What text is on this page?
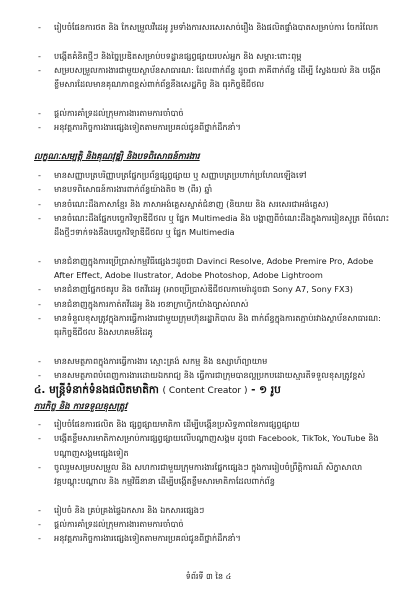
- រៀបចំផែនការថត និង កែសម្រួលវីដេអូ រូមទាំងការសរសេរសាច់រឿង និងផលិតផ្ទាំងបាតសម្រាប់ការ ចែករំលែក

- បង្កើតគំនិតថ្មីៗ និងច្នៃប្រឌិតសម្រាប់បទដ្ឋានផ្សព្វផ្សាយរបស់អ្នក និង សម្ភារ:ពោះពុម្ព

- សម្របសម្រួលការងារជាមួយស្ថាប័នសាធារណ: ដែលពាក់ព័ន្ធ ដូចជា ភាគីពាក់ព័ន្ធ ដើម្បី ស្វែងយល់ និង បង្កើតខ្លឹមសារដែលមានគុណភាពខ្ពស់ពាក់ព័ន្ធនឹងសេដ្ឋកិច្ច និង ធុរកិច្ចឌីជីថល

- ផ្តល់ការគាំទ្រដល់ក្រុមការងារតាមការចាំបាច់

- អនុវត្តភារកិច្ចការងារផ្សេងទៀតតាមការប្រគល់ជូនពីថ្នាក់ដឹកនាំ។

លក្ខណៈសម្បត្តិ និងគុណវុឌ្ឍិ និងបទពិសោធន៍ការងារ

- មានសញ្ញាបត្របរិញ្ញាបត្រផ្នែកប្រព័ន្ធផ្សព្វផ្សាយ ឬ សញ្ញាបត្រប្រហាក់ប្រហែលឡើងទៅ

- មានបទពិសោធន៍ការងារពាក់ព័ន្ធយ៉ាងតិច ២ (ពីរ) ឆ្នាំ

- មានចំណេះដឹងភាសាខ្មែរ និង ភាសាអង់គ្លេសស្ទាត់ជំនាញ (និយាយ និង សរសេរជាអង់គ្លេស)

- មានចំណេះដឹងផ្នែកបច្ចេកវិទ្យាឌីជីថល ឬ ផ្នែក Multimedia និង បង្ហាញពីចំណេះដឹងក្នុងការរៀនសូត្រ ពីចំណេះដឹងថ្មីៗទាក់ទងនឹងបច្ចេកវិទ្យាឌីជីថល ឬ ផ្នែក Multimedia

- មានជំនាញក្នុងការប្រើប្រាស់កម្មវិធីផ្សេងៗដូចជា Davinci Resolve, Adobe Premire Pro, Adobe After Effect, Adobe Ilustrator, Adobe Photoshop, Adobe Lightroom

- មានជំនាញផ្នែកថតរូប និង ថតវីដេអូ (អាចប្រើប្រាស់ឌីជីថលកាមេរ៉ាដូចជា Sony A7, Sony FX3)

- មានជំនាញក្នុងការកាត់តវីដេអូ និង រចនាក្រាហ្វិកយ៉ាងច្បាស់លាស់

- មានទំនួលខុសត្រូវក្នុងការធ្វើការងារជាមួយក្រុមហ៊ុនរដ្ឋាភិបាល និង ពាក់ព័ន្ធក្នុងការតភ្ជាប់រវាងស្ថាប័នសាធារណ: ធុរកិច្ចឌីជីថល និងសហគមន៍ដៃគូ

- មានសមត្ថភាពក្នុងការធ្វើការងារ ស្មោះត្រង់ សកម្ម និង ឧស្សាហ៍ព្យាយាម

- មានសមត្ថភាពបំពេញការងារដោយឯករាជ្យ និង ធ្វើការជាក្រុមបានល្អប្រកបដោយស្មារតីទទួលខុសត្រូវខ្ពស់

៤. មន្ត្រីទំនាក់ទំនងផលិតមាតិកា ( Content Creator ) - ១ រូប
ភារកិច្ច និង ការទទួលខុសត្រូវ

- រៀបចំផែនការផលិត និង ផ្សព្វផ្សាយមាតិកា ដើម្បីបង្កើនប្រសិទ្ធភាពនៃការផ្សព្វផ្សាយ

- បង្កើតខ្លឹមសារមាតិកាសម្រាប់ការផ្សព្វផ្សាយលើបណ្តាញសង្គម ដូចជា Facebook, TikTok, YouTube និង បណ្តាញសង្គមផ្សេងទៀត

- ចូលរួមសម្របសម្រួល និង សហការជាមួយក្រុមការងារផ្នែកផ្សេងៗ ក្នុងការរៀបចំព្រឹត្តិការណ៍ សិក្ខាសាលា វគ្គបណ្តុះបណ្តាល និង កម្មវិធីនានា ដើម្បីបង្កើតខ្លឹមសារមាតិកាដែលពាក់ព័ន្ធ

- រៀបចំ និង គ្រប់គ្រងផ្ទៃឯកសារ និង ឯកសារផ្សេងៗ

- ផ្តល់ការគាំទ្រដល់ក្រុមការងារតាមការចាំបាច់

- អនុវត្តភារកិច្ចការងារផ្សេងទៀតតាមការប្រគល់ជូនពីថ្នាក់ដឹកនាំ។

ទំព័រទី ៣ នៃ ៤
